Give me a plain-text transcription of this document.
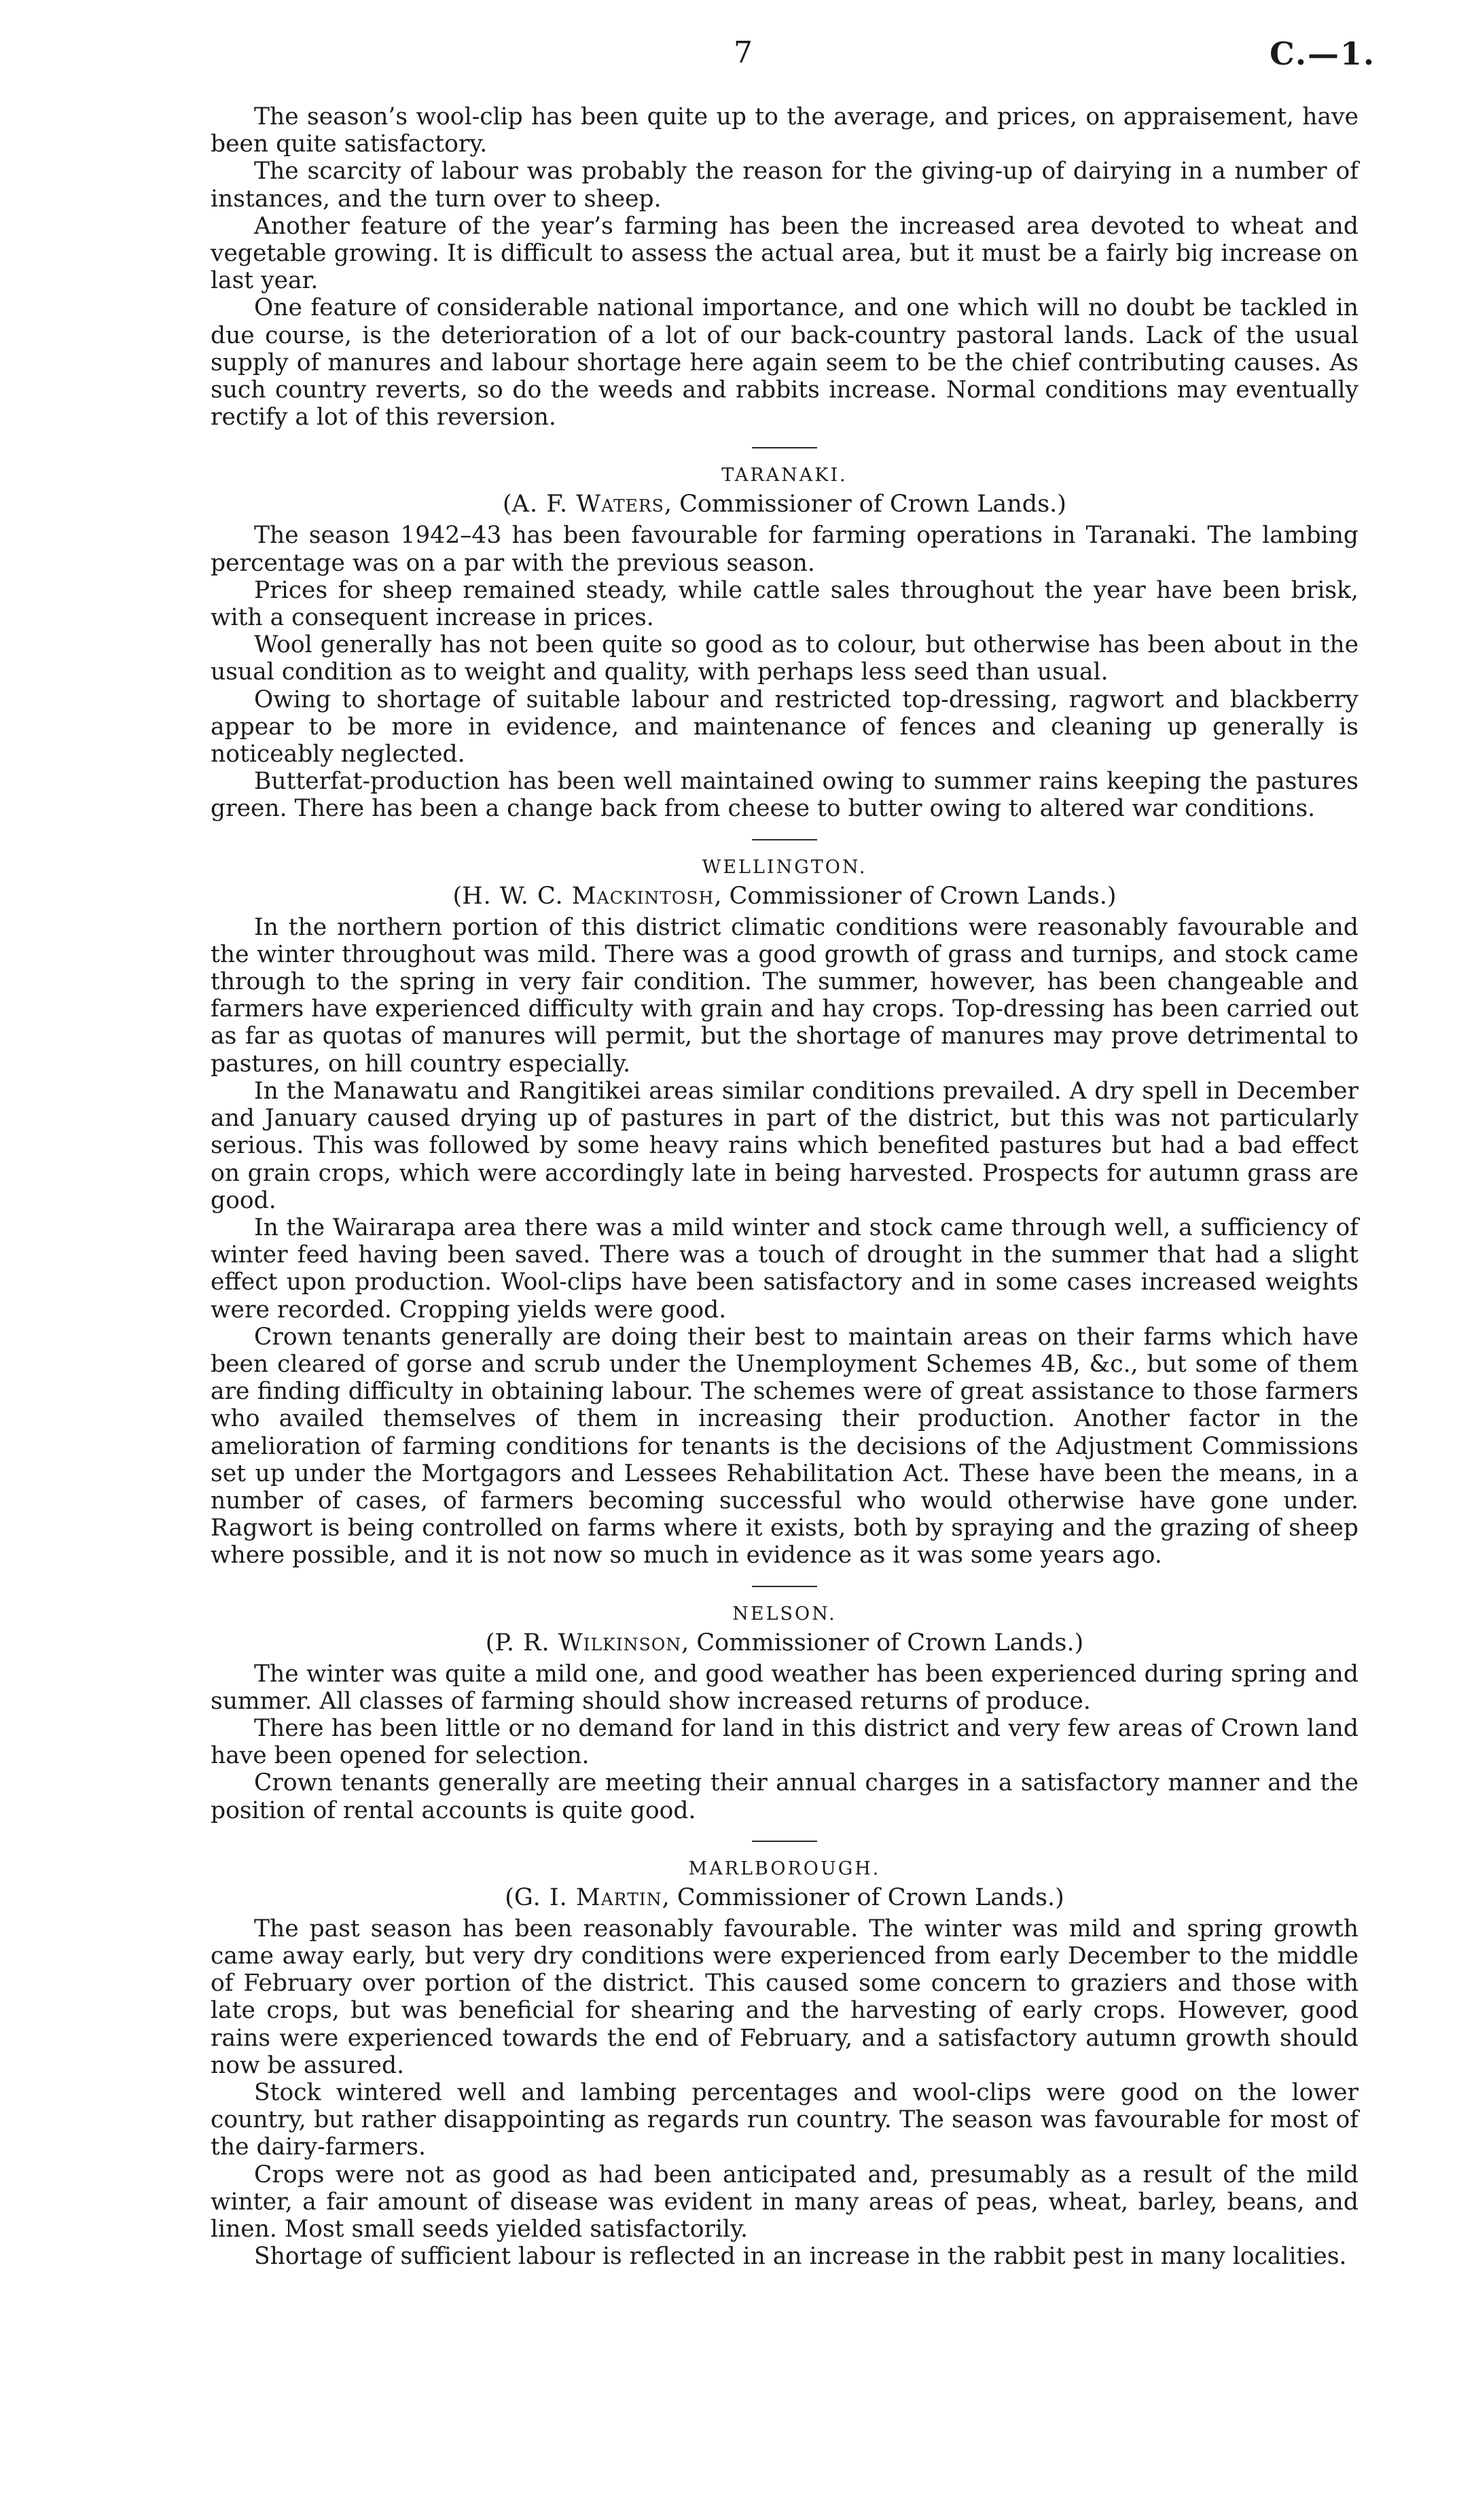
7	C.—1.

The season’s wool-clip has been quite up to the average, and prices, on appraisement, have been quite satisfactory.

The scarcity of labour was probably the reason for the giving-up of dairying in a number of instances, and the turn over to sheep.

Another feature of the year’s farming has been the increased area devoted to wheat and vegetable growing. It is difficult to assess the actual area, but it must be a fairly big increase on last year.

One feature of considerable national importance, and one which will no doubt be tackled in due course, is the deterioration of a lot of our back-country pastoral lands. Lack of the usual supply of manures and labour shortage here again seem to be the chief contributing causes. As such country reverts, so do the weeds and rabbits increase. Normal conditions may eventually rectify a lot of this reversion.

TARANAKI.
(A. F. Waters, Commissioner of Crown Lands.)

The season 1942–43 has been favourable for farming operations in Taranaki. The lambing percentage was on a par with the previous season.

Prices for sheep remained steady, while cattle sales throughout the year have been brisk, with a consequent increase in prices.

Wool generally has not been quite so good as to colour, but otherwise has been about in the usual condition as to weight and quality, with perhaps less seed than usual.

Owing to shortage of suitable labour and restricted top-dressing, ragwort and blackberry appear to be more in evidence, and maintenance of fences and cleaning up generally is noticeably neglected.

Butterfat-production has been well maintained owing to summer rains keeping the pastures green. There has been a change back from cheese to butter owing to altered war conditions.

WELLINGTON.
(H. W. C. Mackintosh, Commissioner of Crown Lands.)

In the northern portion of this district climatic conditions were reasonably favourable and the winter throughout was mild. There was a good growth of grass and turnips, and stock came through to the spring in very fair condition. The summer, however, has been changeable and farmers have experienced difficulty with grain and hay crops. Top-dressing has been carried out as far as quotas of manures will permit, but the shortage of manures may prove detrimental to pastures, on hill country especially.

In the Manawatu and Rangitikei areas similar conditions prevailed. A dry spell in December and January caused drying up of pastures in part of the district, but this was not particularly serious. This was followed by some heavy rains which benefited pastures but had a bad effect on grain crops, which were accordingly late in being harvested. Prospects for autumn grass are good.

In the Wairarapa area there was a mild winter and stock came through well, a sufficiency of winter feed having been saved. There was a touch of drought in the summer that had a slight effect upon production. Wool-clips have been satisfactory and in some cases increased weights were recorded. Cropping yields were good.

Crown tenants generally are doing their best to maintain areas on their farms which have been cleared of gorse and scrub under the Unemployment Schemes 4B, &c., but some of them are finding difficulty in obtaining labour. The schemes were of great assistance to those farmers who availed themselves of them in increasing their production. Another factor in the amelioration of farming conditions for tenants is the decisions of the Adjustment Commissions set up under the Mortgagors and Lessees Rehabilitation Act. These have been the means, in a number of cases, of farmers becoming successful who would otherwise have gone under. Ragwort is being controlled on farms where it exists, both by spraying and the grazing of sheep where possible, and it is not now so much in evidence as it was some years ago.

NELSON.
(P. R. Wilkinson, Commissioner of Crown Lands.)

The winter was quite a mild one, and good weather has been experienced during spring and summer. All classes of farming should show increased returns of produce.

There has been little or no demand for land in this district and very few areas of Crown land have been opened for selection.

Crown tenants generally are meeting their annual charges in a satisfactory manner and the position of rental accounts is quite good.

MARLBOROUGH.
(G. I. Martin, Commissioner of Crown Lands.)

The past season has been reasonably favourable. The winter was mild and spring growth came away early, but very dry conditions were experienced from early December to the middle of February over portion of the district. This caused some concern to graziers and those with late crops, but was beneficial for shearing and the harvesting of early crops. However, good rains were experienced towards the end of February, and a satisfactory autumn growth should now be assured.

Stock wintered well and lambing percentages and wool-clips were good on the lower country, but rather disappointing as regards run country. The season was favourable for most of the dairy-farmers.

Crops were not as good as had been anticipated and, presumably as a result of the mild winter, a fair amount of disease was evident in many areas of peas, wheat, barley, beans, and linen. Most small seeds yielded satisfactorily.

Shortage of sufficient labour is reflected in an increase in the rabbit pest in many localities.
